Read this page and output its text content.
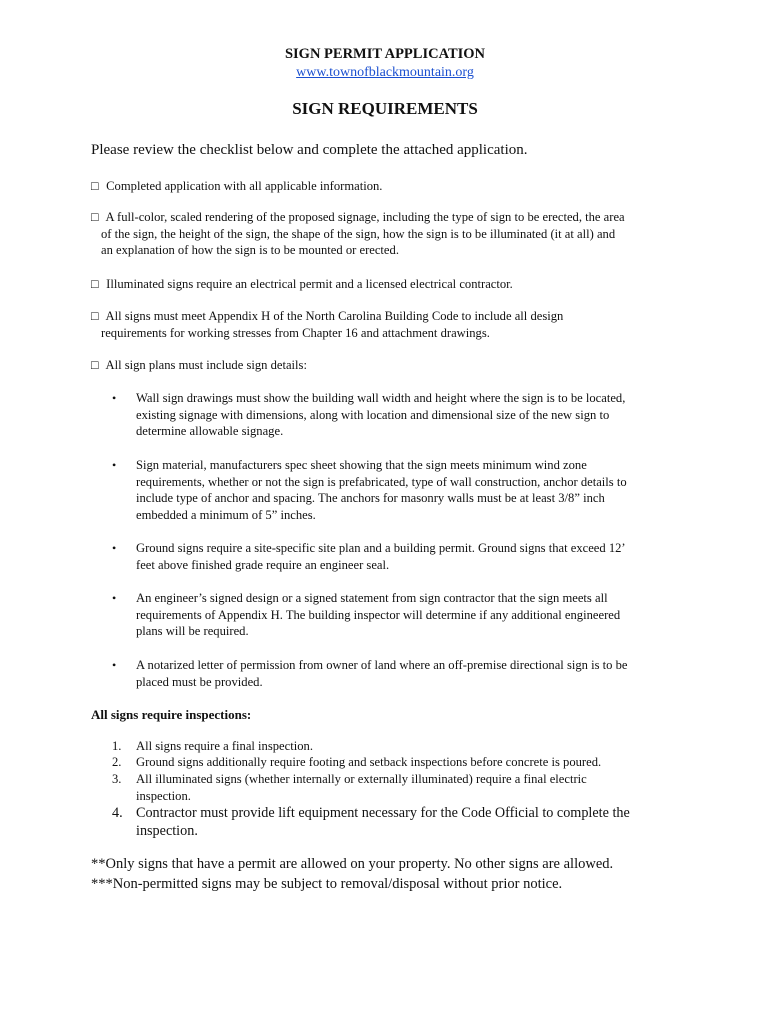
SIGN PERMIT APPLICATION
www.townofblackmountain.org
SIGN REQUIREMENTS
Please review the checklist below and complete the attached application.
□ Completed application with all applicable information.
□ A full-color, scaled rendering of the proposed signage, including the type of sign to be erected, the area
of the sign, the height of the sign, the shape of the sign, how the sign is to be illuminated (it at all) and
an explanation of how the sign is to be mounted or erected.
□ Illuminated signs require an electrical permit and a licensed electrical contractor.
□ All signs must meet Appendix H of the North Carolina Building Code to include all design
requirements for working stresses from Chapter 16 and attachment drawings.
□ All sign plans must include sign details:
• Wall sign drawings must show the building wall width and height where the sign is to be located,
existing signage with dimensions, along with location and dimensional size of the new sign to
determine allowable signage.
• Sign material, manufacturers spec sheet showing that the sign meets minimum wind zone
requirements, whether or not the sign is prefabricated, type of wall construction, anchor details to
include type of anchor and spacing. The anchors for masonry walls must be at least 3/8” inch
embedded a minimum of 5” inches.
• Ground signs require a site-specific site plan and a building permit. Ground signs that exceed 12’
feet above finished grade require an engineer seal.
• An engineer’s signed design or a signed statement from sign contractor that the sign meets all
requirements of Appendix H. The building inspector will determine if any additional engineered
plans will be required.
• A notarized letter of permission from owner of land where an off-premise directional sign is to be
placed must be provided.
All signs require inspections:
1. All signs require a final inspection.
2. Ground signs additionally require footing and setback inspections before concrete is poured.
3. All illuminated signs (whether internally or externally illuminated) require a final electric
inspection.
4. Contractor must provide lift equipment necessary for the Code Official to complete the
inspection.
**Only signs that have a permit are allowed on your property. No other signs are allowed.
***Non-permitted signs may be subject to removal/disposal without prior notice.
